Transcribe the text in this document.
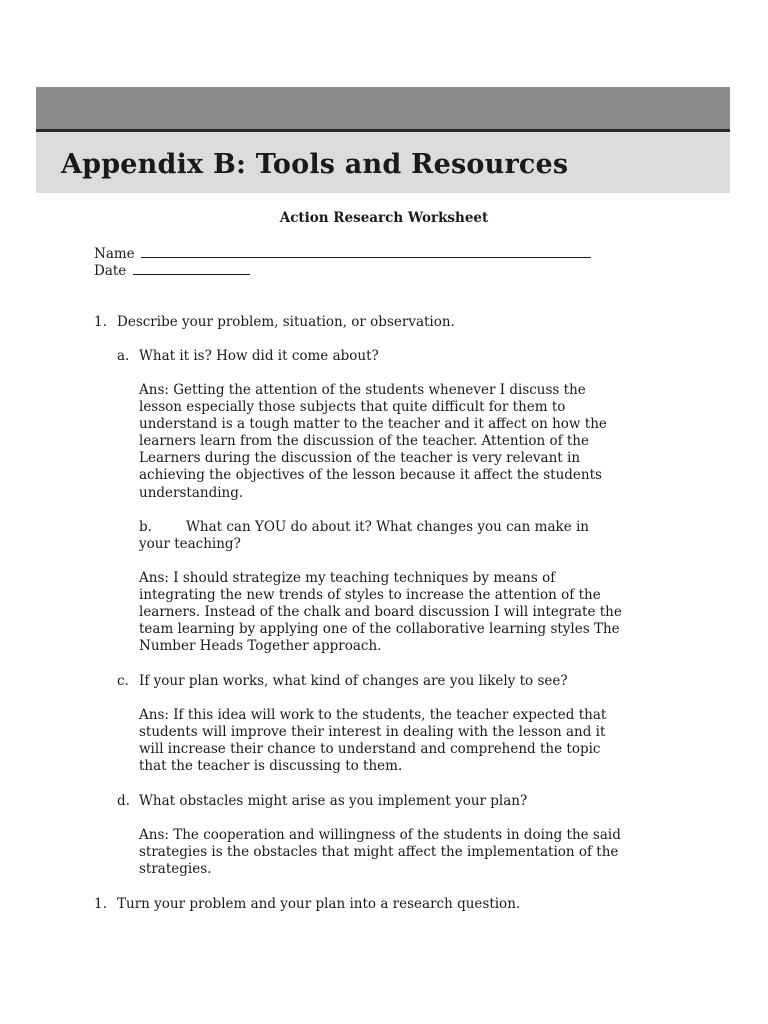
Appendix B: Tools and Resources

Action Research Worksheet

Name
Date
1. Describe your problem, situation, or observation.

a. What it is? How did it come about?

Ans: Getting the attention of the students whenever I discuss the
lesson especially those subjects that quite difficult for them to
understand is a tough matter to the teacher and it affect on how the
learners learn from the discussion of the teacher. Attention of the
Learners during the discussion of the teacher is very relevant in
achieving the objectives of the lesson because it affect the students
understanding.
b.	What can YOU do about it? What changes you can make in

your teaching?

Ans: I should strategize my teaching techniques by means of
integrating the new trends of styles to increase the attention of the
learners. Instead of the chalk and board discussion I will integrate the
team learning by applying one of the collaborative learning styles The
Number Heads Together approach.
c. If your plan works, what kind of changes are you likely to see?

Ans: If this idea will work to the students, the teacher expected that
students will improve their interest in dealing with the lesson and it
will increase their chance to understand and comprehend the topic
that the teacher is discussing to them.
d. What obstacles might arise as you implement your plan?

Ans: The cooperation and willingness of the students in doing the said
strategies is the obstacles that might affect the implementation of the
strategies.
1. Turn your problem and your plan into a research question.
